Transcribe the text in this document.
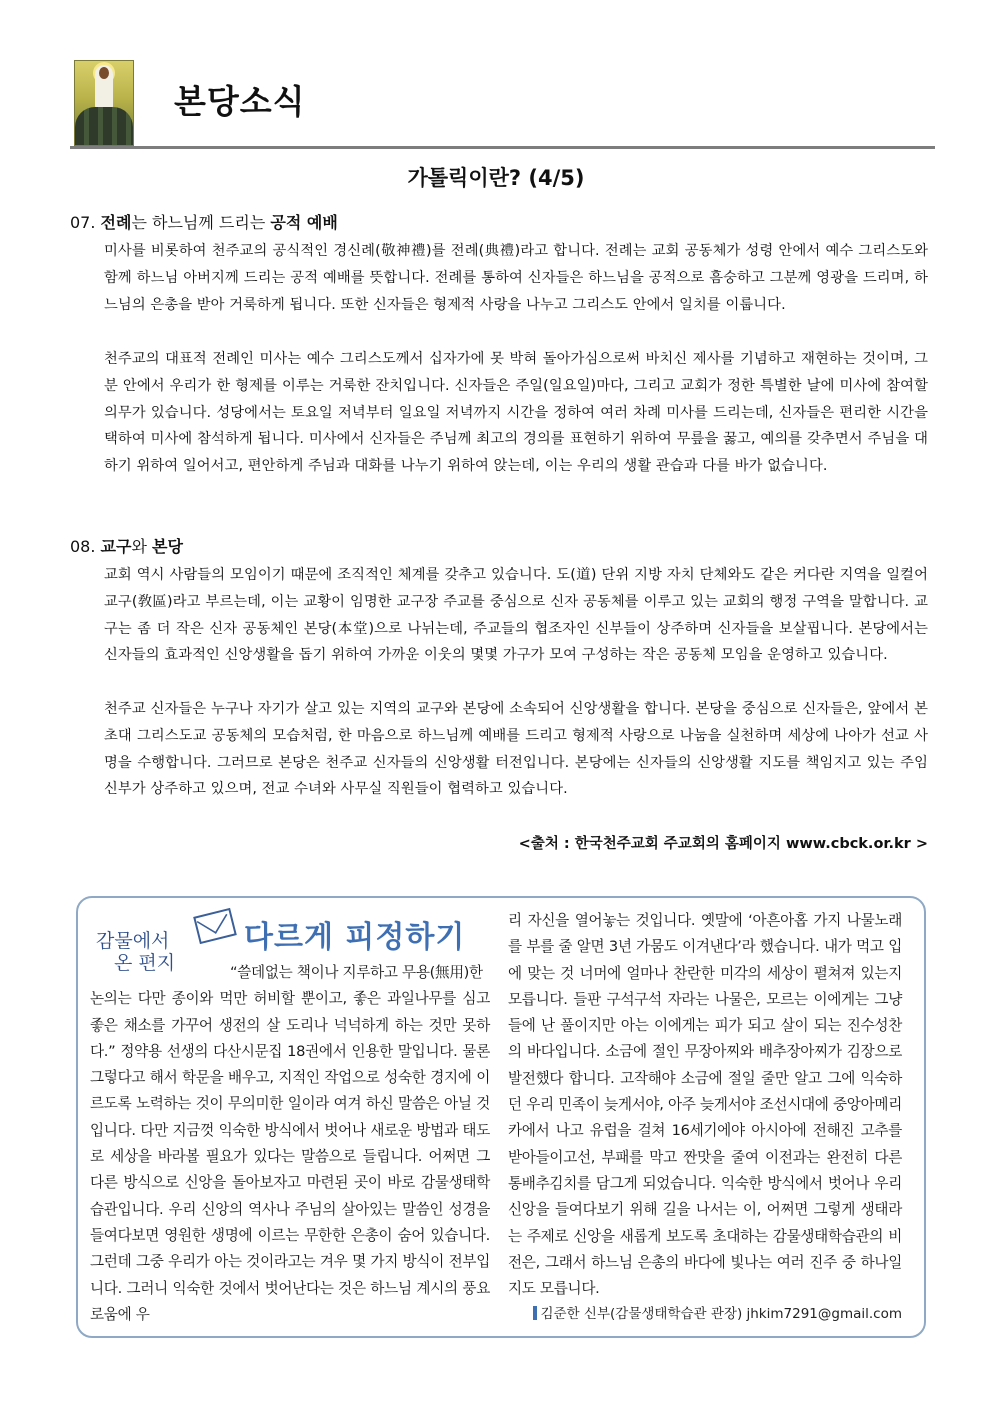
본당소식
가톨릭이란? (4/5)
07. 전례는 하느님께 드리는 공적 예배
미사를 비롯하여 천주교의 공식적인 경신례(敬神禮)를 전례(典禮)라고 합니다. 전례는 교회 공동체가 성령 안에서 예수 그리스도와 함께 하느님 아버지께 드리는 공적 예배를 뜻합니다. 전례를 통하여 신자들은 하느님을 공적으로 흠숭하고 그분께 영광을 드리며, 하느님의 은총을 받아 거룩하게 됩니다. 또한 신자들은 형제적 사랑을 나누고 그리스도 안에서 일치를 이룹니다.
천주교의 대표적 전례인 미사는 예수 그리스도께서 십자가에 못 박혀 돌아가심으로써 바치신 제사를 기념하고 재현하는 것이며, 그분 안에서 우리가 한 형제를 이루는 거룩한 잔치입니다. 신자들은 주일(일요일)마다, 그리고 교회가 정한 특별한 날에 미사에 참여할 의무가 있습니다. 성당에서는 토요일 저녁부터 일요일 저녁까지 시간을 정하여 여러 차례 미사를 드리는데, 신자들은 편리한 시간을 택하여 미사에 참석하게 됩니다. 미사에서 신자들은 주님께 최고의 경의를 표현하기 위하여 무릎을 꿇고, 예의를 갖추면서 주님을 대하기 위하여 일어서고, 편안하게 주님과 대화를 나누기 위하여 앉는데, 이는 우리의 생활 관습과 다를 바가 없습니다.
08. 교구와 본당
교회 역시 사람들의 모임이기 때문에 조직적인 체계를 갖추고 있습니다. 도(道) 단위 지방 자치 단체와도 같은 커다란 지역을 일컬어 교구(敎區)라고 부르는데, 이는 교황이 임명한 교구장 주교를 중심으로 신자 공동체를 이루고 있는 교회의 행정 구역을 말합니다. 교구는 좀 더 작은 신자 공동체인 본당(本堂)으로 나뉘는데, 주교들의 협조자인 신부들이 상주하며 신자들을 보살핍니다. 본당에서는 신자들의 효과적인 신앙생활을 돕기 위하여 가까운 이웃의 몇몇 가구가 모여 구성하는 작은 공동체 모임을 운영하고 있습니다.
천주교 신자들은 누구나 자기가 살고 있는 지역의 교구와 본당에 소속되어 신앙생활을 합니다. 본당을 중심으로 신자들은, 앞에서 본 초대 그리스도교 공동체의 모습처럼, 한 마음으로 하느님께 예배를 드리고 형제적 사랑으로 나눔을 실천하며 세상에 나아가 선교 사명을 수행합니다. 그러므로 본당은 천주교 신자들의 신앙생활 터전입니다. 본당에는 신자들의 신앙생활 지도를 책임지고 있는 주임 신부가 상주하고 있으며, 전교 수녀와 사무실 직원들이 협력하고 있습니다.
<출처 : 한국천주교회 주교회의 홈페이지 www.cbck.or.kr >
감물에서
온 편지
다르게 피정하기
“쓸데없는 책이나 지루하고 무용(無用)한
논의는 다만 종이와 먹만 허비할 뿐이고, 좋은 과일나무를 심고 좋은 채소를 가꾸어 생전의 살 도리나 넉넉하게 하는 것만 못하다.” 정약용 선생의 다산시문집 18권에서 인용한 말입니다. 물론 그렇다고 해서 학문을 배우고, 지적인 작업으로 성숙한 경지에 이르도록 노력하는 것이 무의미한 일이라 여겨 하신 말씀은 아닐 것입니다. 다만 지금껏 익숙한 방식에서 벗어나 새로운 방법과 태도로 세상을 바라볼 필요가 있다는 말씀으로 들립니다. 어쩌면 그 다른 방식으로 신앙을 돌아보자고 마련된 곳이 바로 감물생태학습관입니다. 우리 신앙의 역사나 주님의 살아있는 말씀인 성경을 들여다보면 영원한 생명에 이르는 무한한 은총이 숨어 있습니다. 그런데 그중 우리가 아는 것이라고는 겨우 몇 가지 방식이 전부입니다. 그러니 익숙한 것에서 벗어난다는 것은 하느님 계시의 풍요로움에 우
리 자신을 열어놓는 것입니다. 옛말에 ‘아흔아홉 가지 나물노래를 부를 줄 알면 3년 가뭄도 이겨낸다’라 했습니다. 내가 먹고 입에 맞는 것 너머에 얼마나 찬란한 미각의 세상이 펼쳐져 있는지 모릅니다. 들판 구석구석 자라는 나물은, 모르는 이에게는 그냥 들에 난 풀이지만 아는 이에게는 피가 되고 살이 되는 진수성찬의 바다입니다. 소금에 절인 무장아찌와 배추장아찌가 김장으로 발전했다 합니다. 고작해야 소금에 절일 줄만 알고 그에 익숙하던 우리 민족이 늦게서야, 아주 늦게서야 조선시대에 중앙아메리카에서 나고 유럽을 걸쳐 16세기에야 아시아에 전해진 고추를 받아들이고선, 부패를 막고 짠맛을 줄여 이전과는 완전히 다른 통배추김치를 담그게 되었습니다. 익숙한 방식에서 벗어나 우리 신앙을 들여다보기 위해 길을 나서는 이, 어쩌면 그렇게 생태라는 주제로 신앙을 새롭게 보도록 초대하는 감물생태학습관의 비전은, 그래서 하느님 은총의 바다에 빛나는 여러 진주 중 하나일지도 모릅니다.
김준한 신부(감물생태학습관 관장) jhkim7291@gmail.com
